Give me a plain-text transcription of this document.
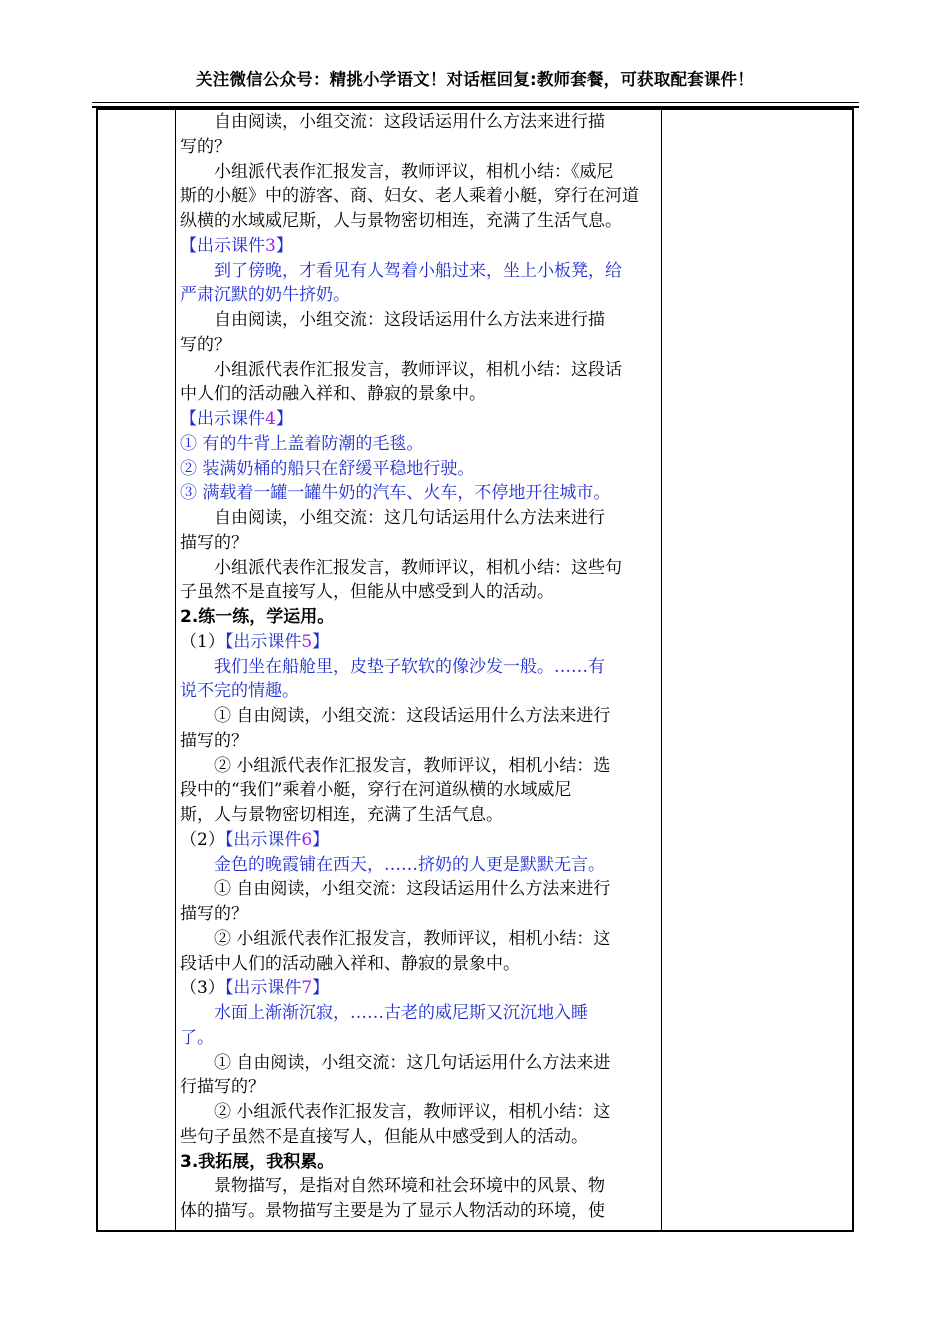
关注微信公众号：精挑小学语文！对话框回复:教师套餐，可获取配套课件！
自由阅读，小组交流：这段话运用什么方法来进行描
写的？
小组派代表作汇报发言，教师评议，相机小结：《威尼
斯的小艇》中的游客、商、妇女、老人乘着小艇，穿行在河道
纵横的水域威尼斯，人与景物密切相连，充满了生活气息。
【出示课件3】
到了傍晚，才看见有人驾着小船过来，坐上小板凳，给
严肃沉默的奶牛挤奶。
自由阅读，小组交流：这段话运用什么方法来进行描
写的？
小组派代表作汇报发言，教师评议，相机小结：这段话
中人们的活动融入祥和、静寂的景象中。
【出示课件4】
① 有的牛背上盖着防潮的毛毯。
② 装满奶桶的船只在舒缓平稳地行驶。
③ 满载着一罐一罐牛奶的汽车、火车，不停地开往城市。
自由阅读，小组交流：这几句话运用什么方法来进行
描写的？
小组派代表作汇报发言，教师评议，相机小结：这些句
子虽然不是直接写人，但能从中感受到人的活动。
2.练一练，学运用。
（1）【出示课件5】
我们坐在船舱里，皮垫子软软的像沙发一般。……有
说不完的情趣。
① 自由阅读，小组交流：这段话运用什么方法来进行
描写的？
② 小组派代表作汇报发言，教师评议，相机小结：选
段中的“我们”乘着小艇，穿行在河道纵横的水域威尼
斯，人与景物密切相连，充满了生活气息。
（2）【出示课件6】
金色的晚霞铺在西天，……挤奶的人更是默默无言。
① 自由阅读，小组交流：这段话运用什么方法来进行
描写的？
② 小组派代表作汇报发言，教师评议，相机小结：这
段话中人们的活动融入祥和、静寂的景象中。
（3）【出示课件7】
水面上渐渐沉寂，……古老的威尼斯又沉沉地入睡
了。
① 自由阅读，小组交流：这几句话运用什么方法来进
行描写的？
② 小组派代表作汇报发言，教师评议，相机小结：这
些句子虽然不是直接写人，但能从中感受到人的活动。
3.我拓展，我积累。
景物描写，是指对自然环境和社会环境中的风景、物
体的描写。景物描写主要是为了显示人物活动的环境，使
